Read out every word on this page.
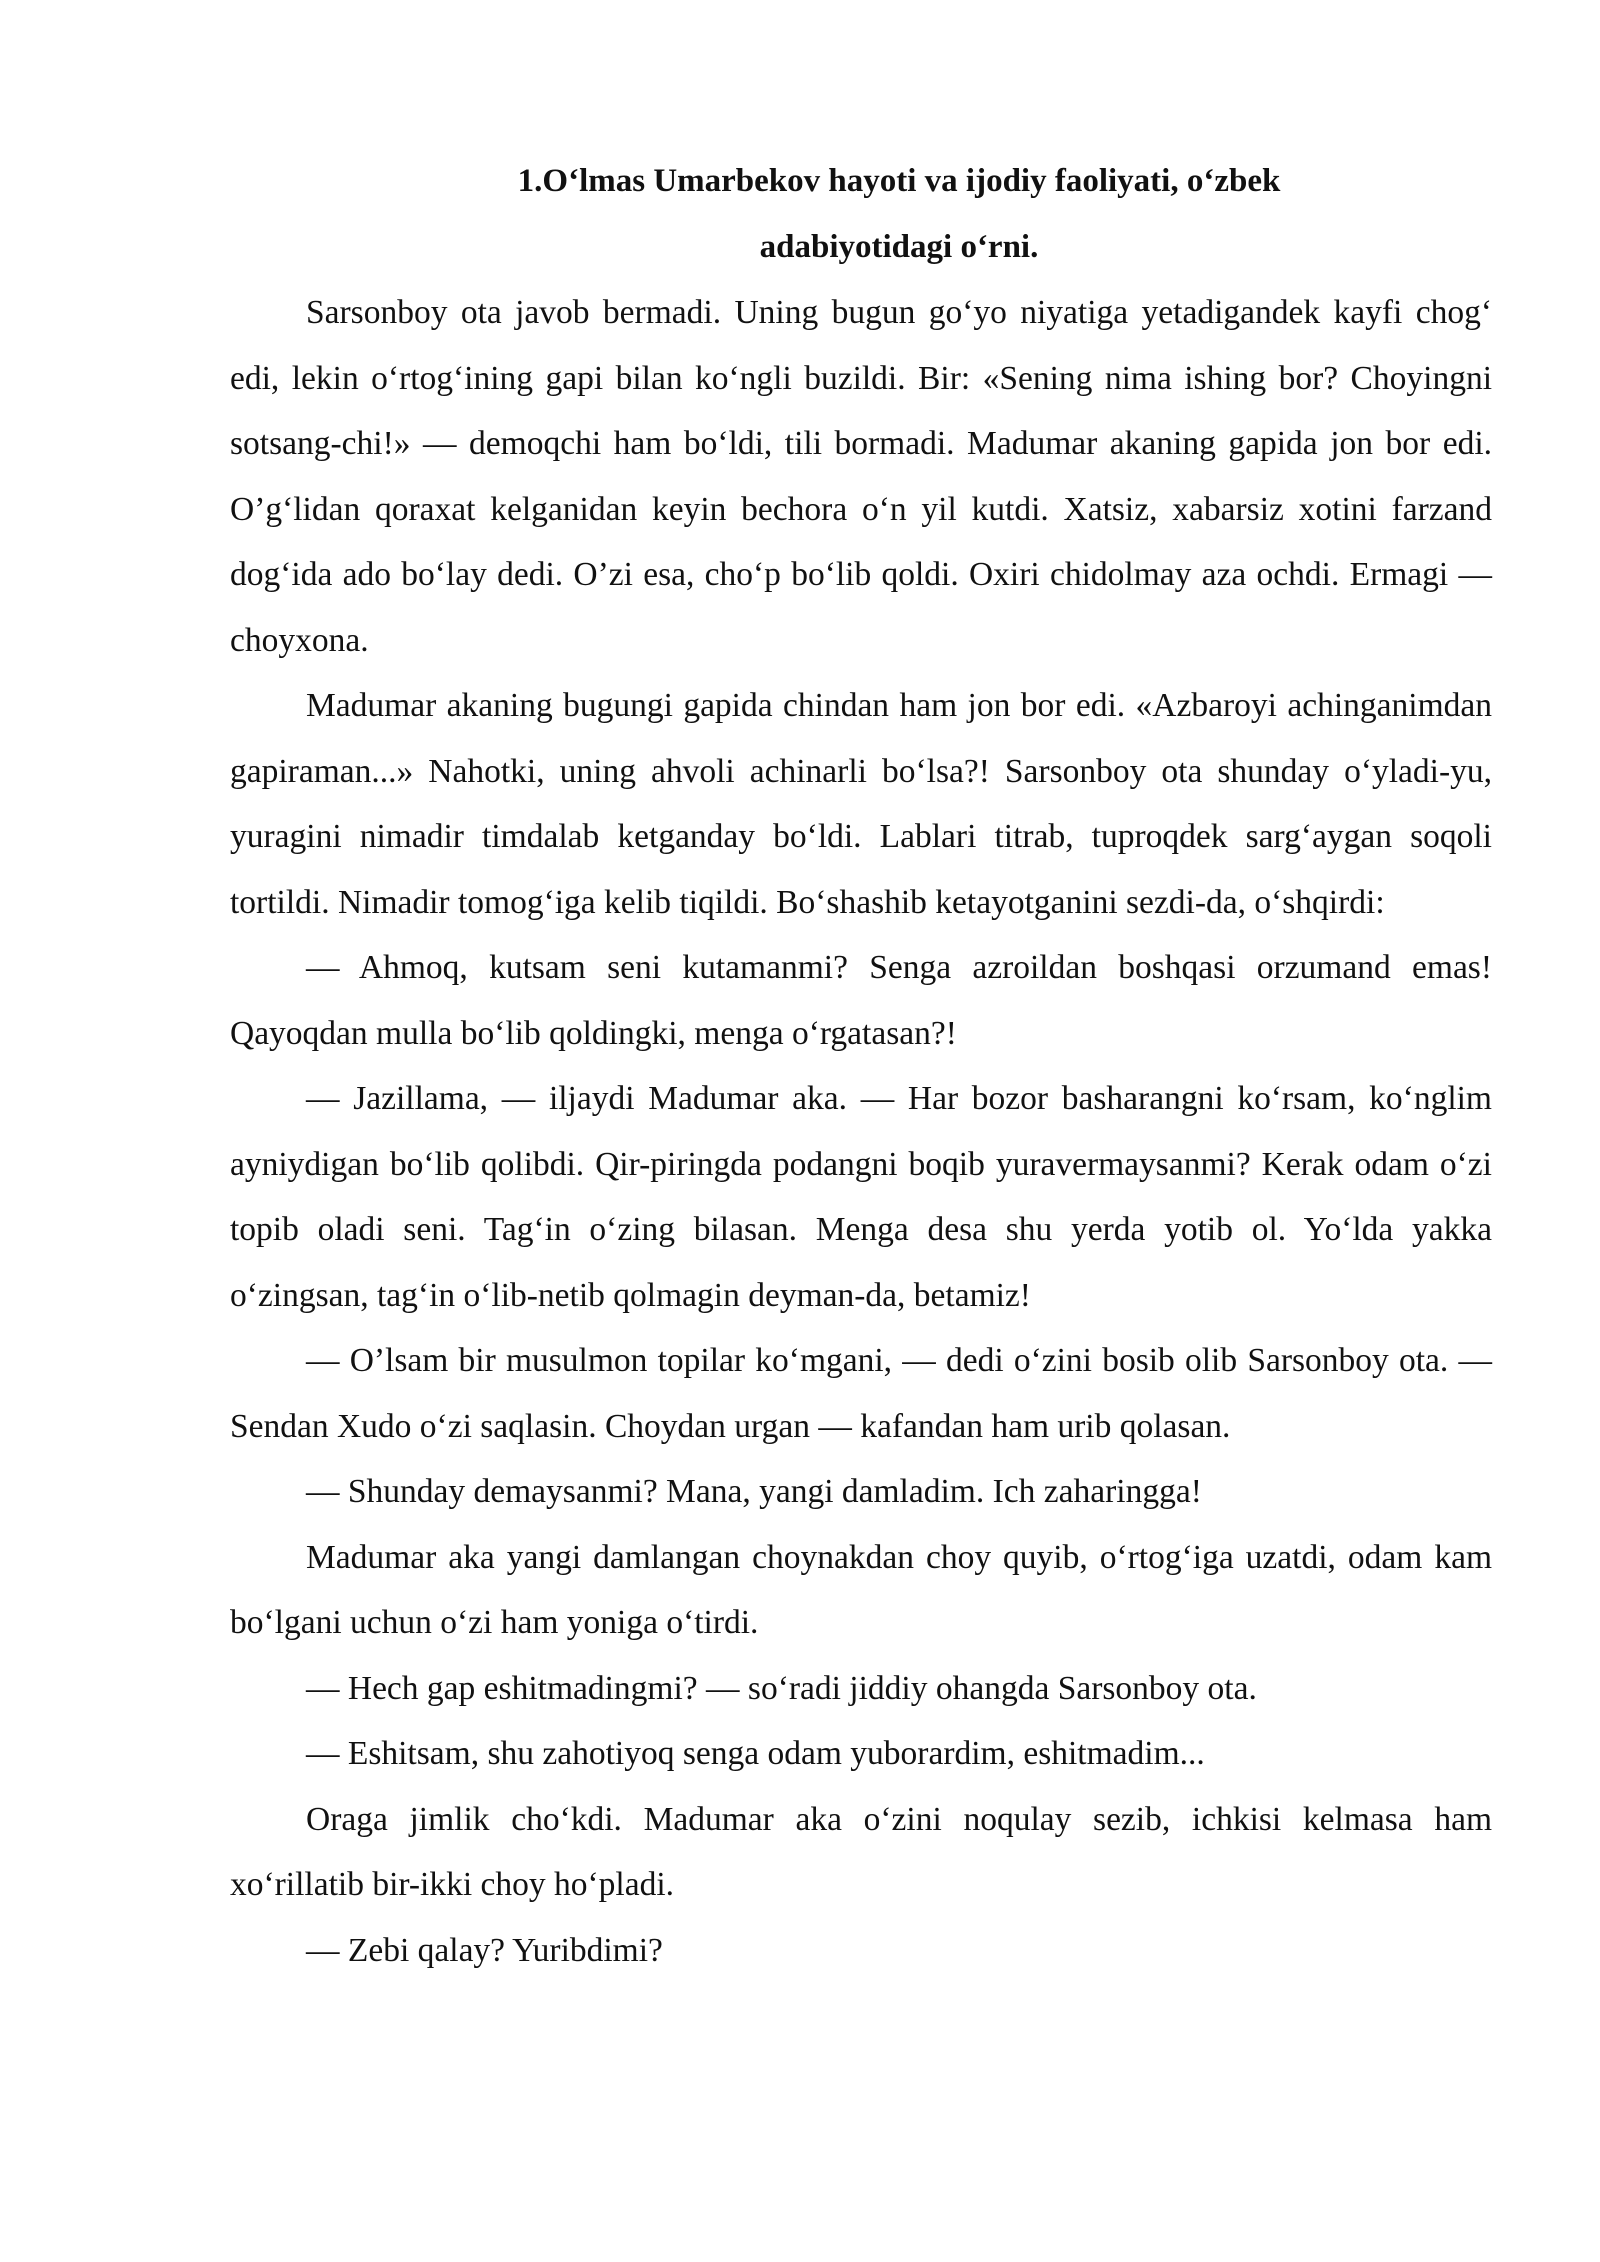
1.O‘lmas Umarbekov hayoti va ijodiy faoliyati, o‘zbek
adabiyotidagi o‘rni.

Sarsonboy ota javob bermadi. Uning bugun go‘yo niyatiga yetadigandek kayfi chog‘ edi, lekin o‘rtog‘ining gapi bilan ko‘ngli buzildi. Bir: «Sening nima ishing bor? Choyingni sotsang-chi!» — demoqchi ham bo‘ldi, tili bormadi. Madumar akaning gapida jon bor edi. O’g‘lidan qoraxat kelganidan keyin bechora o‘n yil kutdi. Xatsiz, xabarsiz xotini farzand dog‘ida ado bo‘lay dedi. O’zi esa, cho‘p bo‘lib qoldi. Oxiri chidolmay aza ochdi. Ermagi — choyxona.

Madumar akaning bugungi gapida chindan ham jon bor edi. «Azbaroyi achinganimdan gapiraman...» Nahotki, uning ahvoli achinarli bo‘lsa?! Sarsonboy ota shunday o‘yladi-yu, yuragini nimadir timdalab ketganday bo‘ldi. Lablari titrab, tuproqdek sarg‘aygan soqoli tortildi. Nimadir tomog‘iga kelib tiqildi. Bo‘shashib ketayotganini sezdi-da, o‘shqirdi:

— Ahmoq, kutsam seni kutamanmi? Senga azroildan boshqasi orzumand emas! Qayoqdan mulla bo‘lib qoldingki, menga o‘rgatasan?!

— Jazillama, — iljaydi Madumar aka. — Har bozor basharangni ko‘rsam, ko‘nglim ayniydigan bo‘lib qolibdi. Qir-piringda podangni boqib yuravermaysanmi? Kerak odam o‘zi topib oladi seni. Tag‘in o‘zing bilasan. Menga desa shu yerda yotib ol. Yo‘lda yakka o‘zingsan, tag‘in o‘lib-netib qolmagin deyman-da, betamiz!

— O’lsam bir musulmon topilar ko‘mgani, — dedi o‘zini bosib olib Sarsonboy ota. — Sendan Xudo o‘zi saqlasin. Choydan urgan — kafandan ham urib qolasan.

— Shunday demaysanmi? Mana, yangi damladim. Ich zaharingga!

Madumar aka yangi damlangan choynakdan choy quyib, o‘rtog‘iga uzatdi, odam kam bo‘lgani uchun o‘zi ham yoniga o‘tirdi.

— Hech gap eshitmadingmi? — so‘radi jiddiy ohangda Sarsonboy ota.

— Eshitsam, shu zahotiyoq senga odam yuborardim, eshitmadim...

Oraga jimlik cho‘kdi. Madumar aka o‘zini noqulay sezib, ichkisi kelmasa ham xo‘rillatib bir-ikki choy ho‘pladi.

— Zebi qalay? Yuribdimi?
